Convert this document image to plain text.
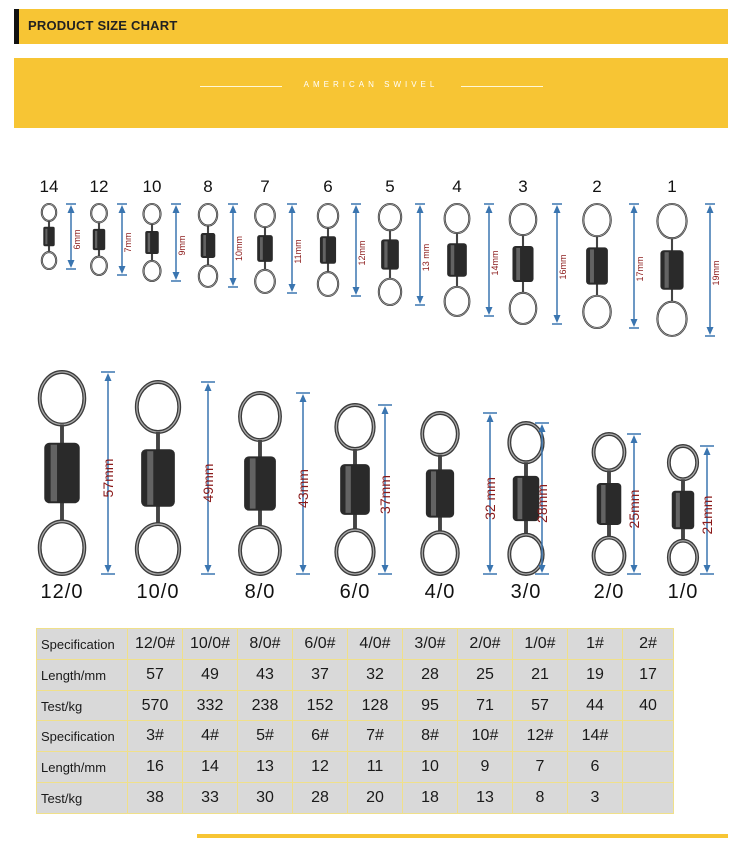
PRODUCT SIZE CHART
AMERICAN SWIVEL
14
6mm
12
7mm
10
9mm
8
10mm
7
11mm
6
12mm
5
13 mm
4
14mm
3
16mm
2
17mm
1
19mm
57mm
12/0
49mm
10/0
43mm
8/0
37mm
6/0
32 mm
4/0
28mm
3/0
25mm
2/0
21mm
1/0
Specification	12/0#	10/0#	8/0#	6/0#	4/0#	3/0#	2/0#	1/0#	1#	2#
Length/mm	57	49	43	37	32	28	25	21	19	17
Test/kg	570	332	238	152	128	95	71	57	44	40
Specification	3#	4#	5#	6#	7#	8#	10#	12#	14#	
Length/mm	16	14	13	12	11	10	9	7	6	
Test/kg	38	33	30	28	20	18	13	8	3	
